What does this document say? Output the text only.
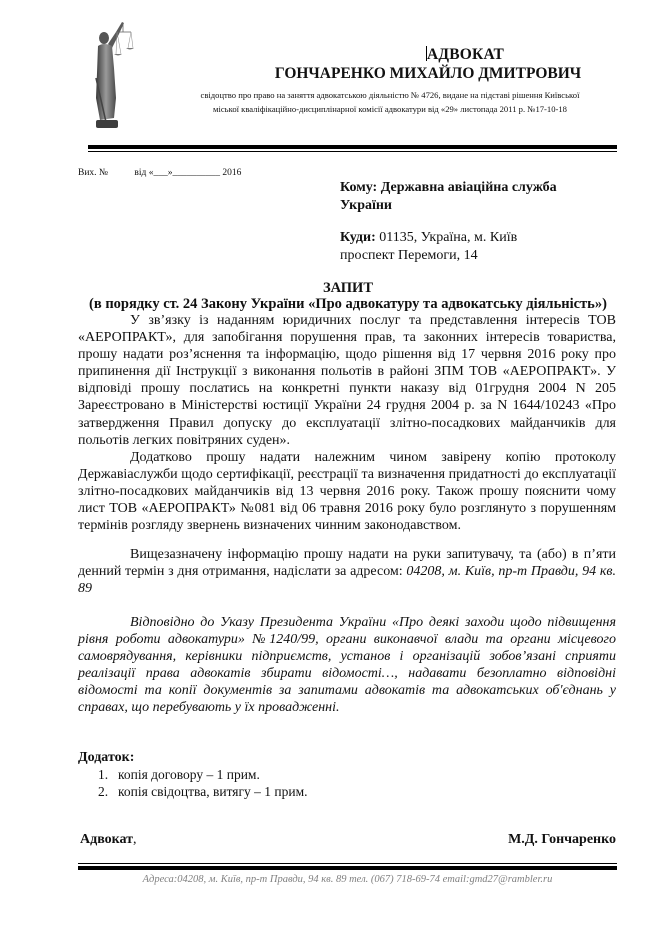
АДВОКАТ
ГОНЧАРЕНКО МИХАЙЛО ДМИТРОВИЧ
свідоцтво про право на заняття адвокатською діяльністю № 4726, видане на підставі рішення Київської
міської кваліфікаційно-дисциплінарної комісії адвокатури від «29» листопада 2011 р. №17-10-18
Вих. №	від «___»__________ 2016
Кому: Державна авіаційна служба України
Куди: 01135, Україна, м. Київ
проспект Перемоги, 14
ЗАПИТ
(в порядку ст. 24 Закону України «Про адвокатуру та адвокатську діяльність»)
У зв’язку із наданням юридичних послуг та представлення інтересів ТОВ «АЕРОПРАКТ», для запобігання порушення прав, та законних інтересів товариства, прошу надати роз’яснення та інформацію, щодо рішення від 17 червня 2016 року про припинення дії Інструкції з виконання польотів в районі ЗПМ ТОВ «АЕРОПРАКТ». У відповіді прошу послатись на конкретні пункти наказу від 01грудня 2004 N 205 Зареєстровано в Міністерстві юстиції України 24 грудня 2004 р. за N 1644/10243 «Про затвердження Правил допуску до експлуатації злітно-посадкових майданчиків для польотів легких повітряних суден».
Додатково прошу надати належним чином завірену копію протоколу Державіаслужби щодо сертифікації, реєстрації та визначення придатності до експлуатації злітно-посадкових майданчиків від 13 червня 2016 року. Також прошу пояснити чому лист ТОВ «АЕРОПРАКТ» №081 від 06 травня 2016 року було розглянуто з порушенням термінів розгляду звернень визначених чинним законодавством.
Вищезазначену інформацію прошу надати на руки запитувачу, та (або) в п’яти денний термін з дня отримання, надіслати за адресом: 04208, м. Київ, пр-т Правди, 94 кв. 89
Відповідно до Указу Президента України «Про деякі заходи щодо підвищення рівня роботи адвокатури» №1240/99, органи виконавчої влади та органи місцевого самоврядування, керівники підприємств, установ і організацій зобов’язані сприяти реалізації права адвокатів збирати відомості…, надавати безоплатно відповідні відомості та копії документів за запитами адвокатів та адвокатських об'єднань у справах, що перебувають у їх провадженні.
Додаток:
1. копія договору – 1 прим.
2. копія свідоцтва, витягу – 1 прим.
Адвокат,	М.Д. Гончаренко
Адреса:04208, м. Київ, пр-т Правди, 94 кв. 89 тел. (067) 718-69-74 email:gmd27@rambler.ru
